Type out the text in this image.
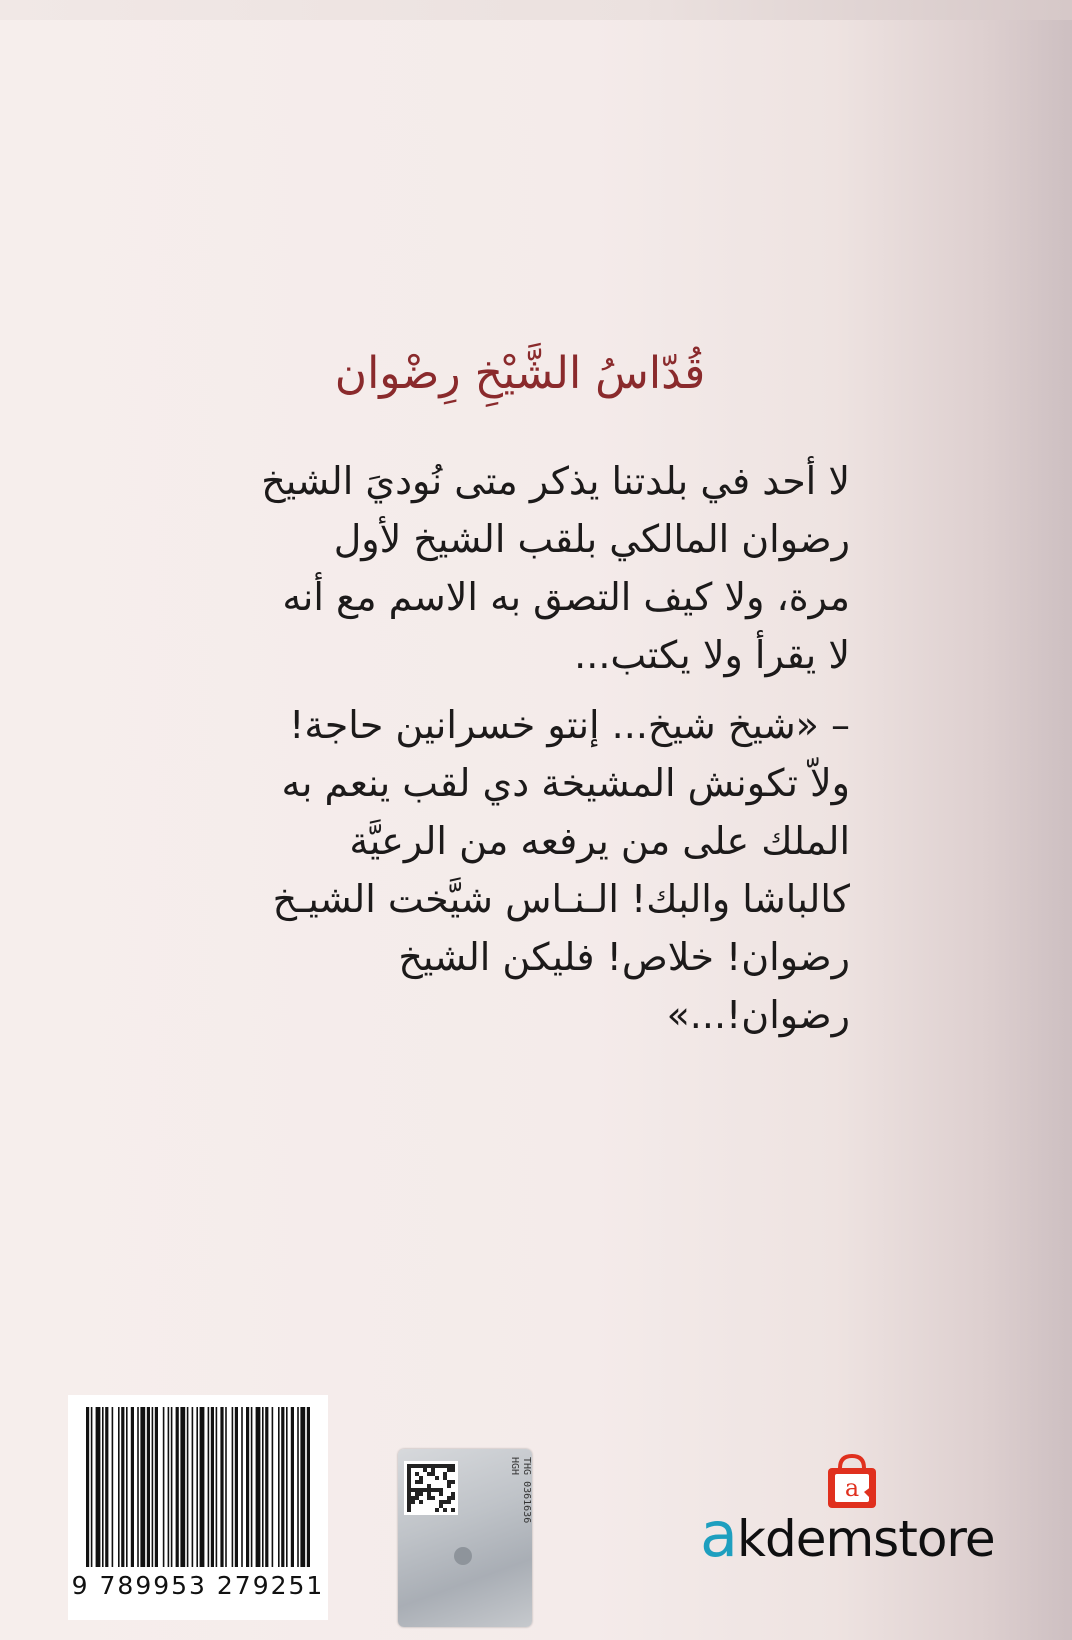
قُدّاسُ الشَّيْخِ رِضْوان

لا أحد في بلدتنا يذكر متى نُوديَ الشيخ رضوان المالكي بلقب الشيخ لأول مرة، ولا كيف التصق به الاسم مع أنه لا يقرأ ولا يكتب...

– «شيخ شيخ... إنتو خسرانين حاجة! ولاّ تكونش المشيخة دي لقب ينعم به الملك على من يرفعه من الرعيَّة كالباشا والبك! الـنـاس شيَّخت الشيـخ رضوان! خلاص! فليكن الشيخ رضوان!...»

9 789953 279251
THG 0361636 HGH
a
akdemstore
